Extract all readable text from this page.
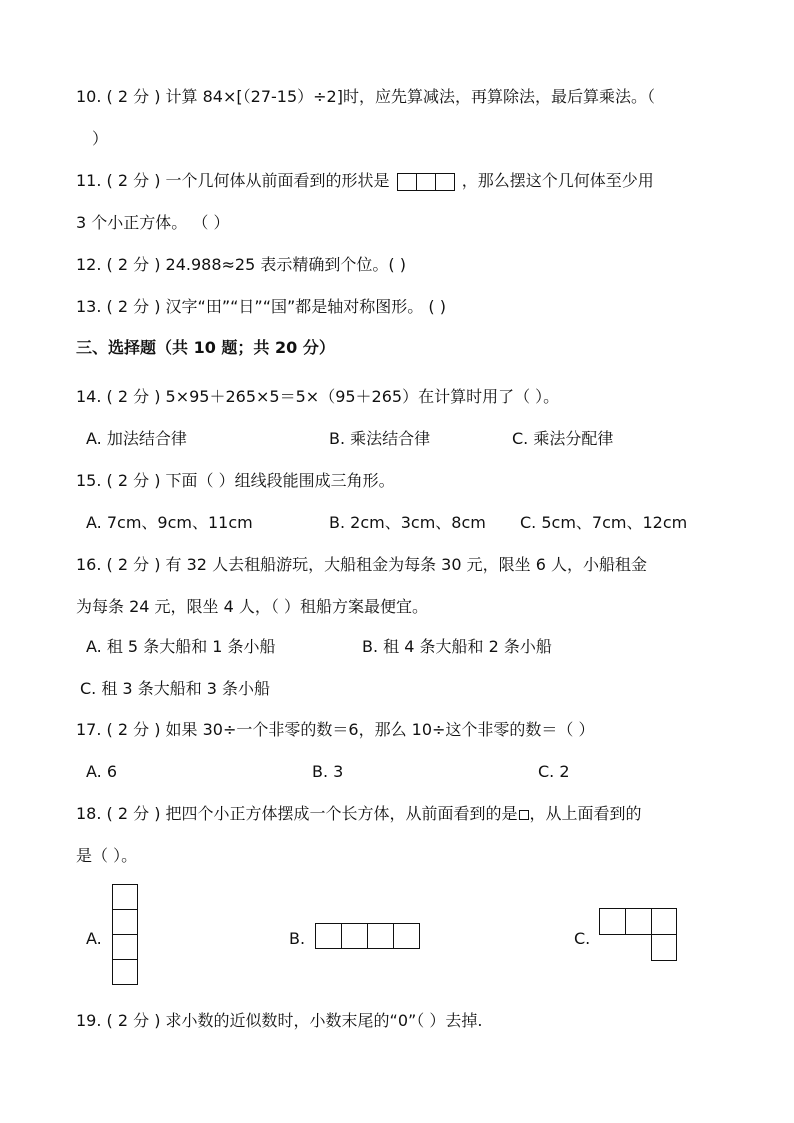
10. ( 2 分 ) 计算 84×[（27-15）÷2]时，应先算减法，再算除法，最后算乘法。（
）
11. ( 2 分 ) 一个几何体从前面看到的形状是	，那么摆这个几何体至少用
3 个小正方体。 （ ）
12. ( 2 分 ) 24.988≈25 表示精确到个位。( )
13. ( 2 分 ) 汉字“田”“日”“国”都是轴对称图形。 ( )
三、选择题（共 10 题；共 20 分）
14. ( 2 分 ) 5×95＋265×5＝5×（95＋265）在计算时用了（ ）。
A. 加法结合律	B. 乘法结合律	C. 乘法分配律
15. ( 2 分 ) 下面（ ）组线段能围成三角形。
A. 7cm、9cm、11cm	B. 2cm、3cm、8cm C. 5cm、7cm、12cm
16. ( 2 分 ) 有 32 人去租船游玩，大船租金为每条 30 元，限坐 6 人，小船租金
为每条 24 元，限坐 4 人，（ ）租船方案最便宜。
A. 租 5 条大船和 1 条小船	B. 租 4 条大船和 2 条小船
C. 租 3 条大船和 3 条小船
17. ( 2 分 ) 如果 30÷一个非零的数＝6，那么 10÷这个非零的数＝（ ）
A. 6	B. 3	C. 2
18. ( 2 分 ) 把四个小正方体摆成一个长方体，从前面看到的是 ，从上面看到的
是（ ）。
A.	B.	C.
19. ( 2 分 ) 求小数的近似数时，小数末尾的“0”（ ）去掉.
